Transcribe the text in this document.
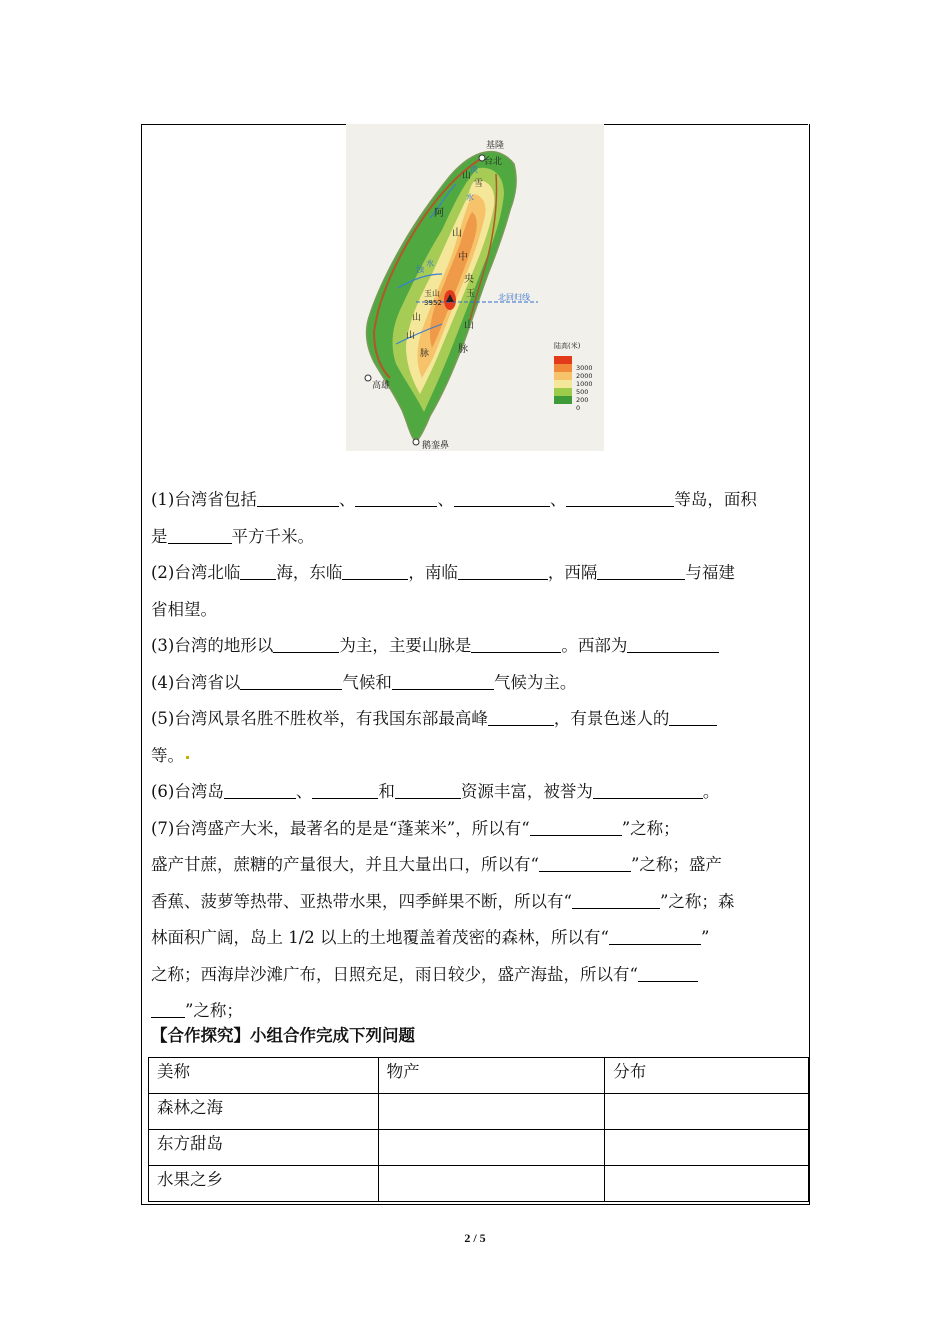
基隆
台北
高雄
鹅銮鼻
北回归线
玉山
3952
阿
山
中
央
山
脉
雪
山
玉
山
山
脉
淡
水
浊
水
陆高(米)
3000
2000
1000
500
200
0

(1)台湾省包括	、	、	、	等岛，面积

是	平方千米。

(2)台湾北临 海，东临	，南临	，西隔	与福建

省相望。

(3)台湾的地形以	为主，主要山脉是	。西部为

(4)台湾省以	气候和	气候为主。

(5)台湾风景名胜不胜枚举，有我国东部最高峰	，有景色迷人的

等。

(6)台湾岛	、	和	资源丰富，被誉为	。

(7)台湾盛产大米，最著名的是是“蓬莱米”，所以有“	”之称；

盛产甘蔗，蔗糖的产量很大，并且大量出口，所以有“	”之称；盛产

香蕉、菠萝等热带、亚热带水果，四季鲜果不断，所以有“	”之称；森

林面积广阔，岛上 1/2 以上的土地覆盖着茂密的森林，所以有“	”

之称；西海岸沙滩广布，日照充足，雨日较少，盛产海盐，所以有“

”之称；

【合作探究】小组合作完成下列问题
美称	物产	分布
森林之海		
东方甜岛		
水果之乡		
2 / 5
